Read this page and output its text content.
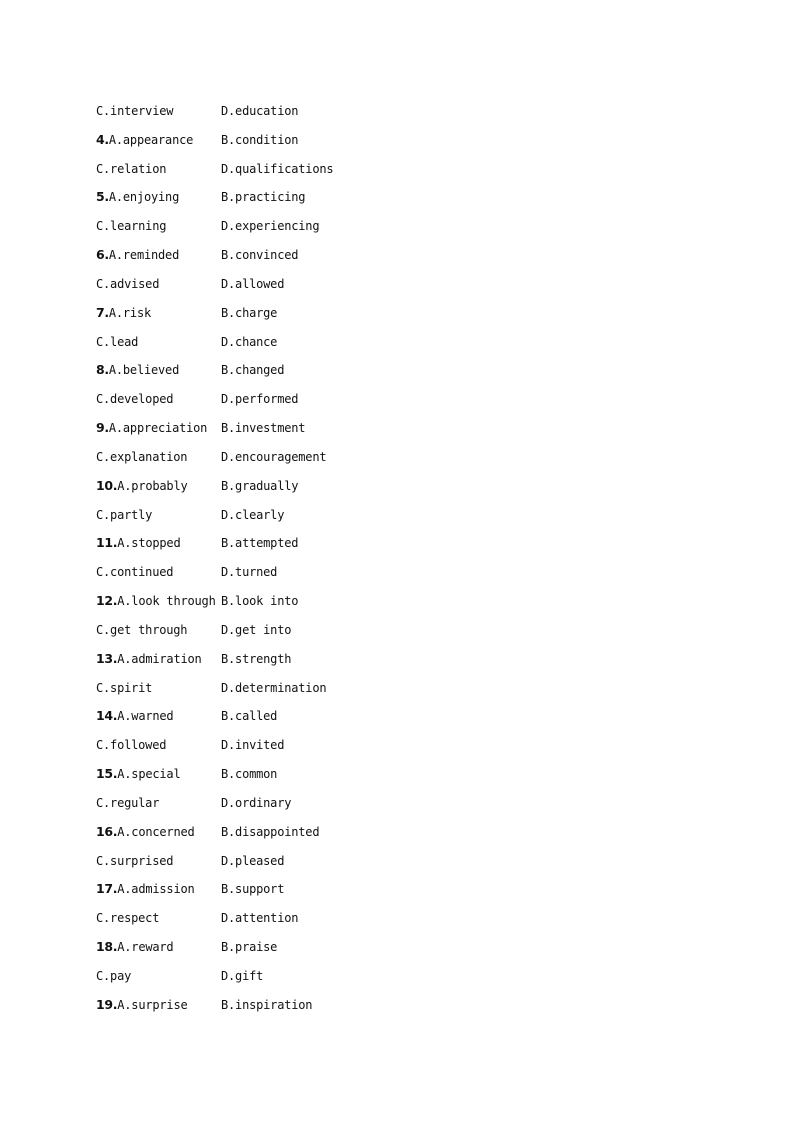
C.interview	D.education
4.A.appearance B.condition
C.relation	D.qualifications
5.A.enjoying	B.practicing
C.learning	D.experiencing
6.A.reminded	B.convinced
C.advised	D.allowed
7.A.risk	B.charge
C.lead	D.chance
8.A.believed	B.changed
C.developed	D.performed
9.A.appreciation B.investment
C.explanation	D.encouragement
10.A.probably	B.gradually
C.partly	D.clearly
11.A.stopped	B.attempted
C.continued	D.turned
12.A.look through B.look into
C.get through	D.get into
13.A.admiration B.strength
C.spirit	D.determination
14.A.warned	B.called
C.followed	D.invited
15.A.special	B.common
C.regular	D.ordinary
16.A.concerned B.disappointed
C.surprised	D.pleased
17.A.admission B.support
C.respect	D.attention
18.A.reward	B.praise
C.pay	D.gift
19.A.surprise	B.inspiration
